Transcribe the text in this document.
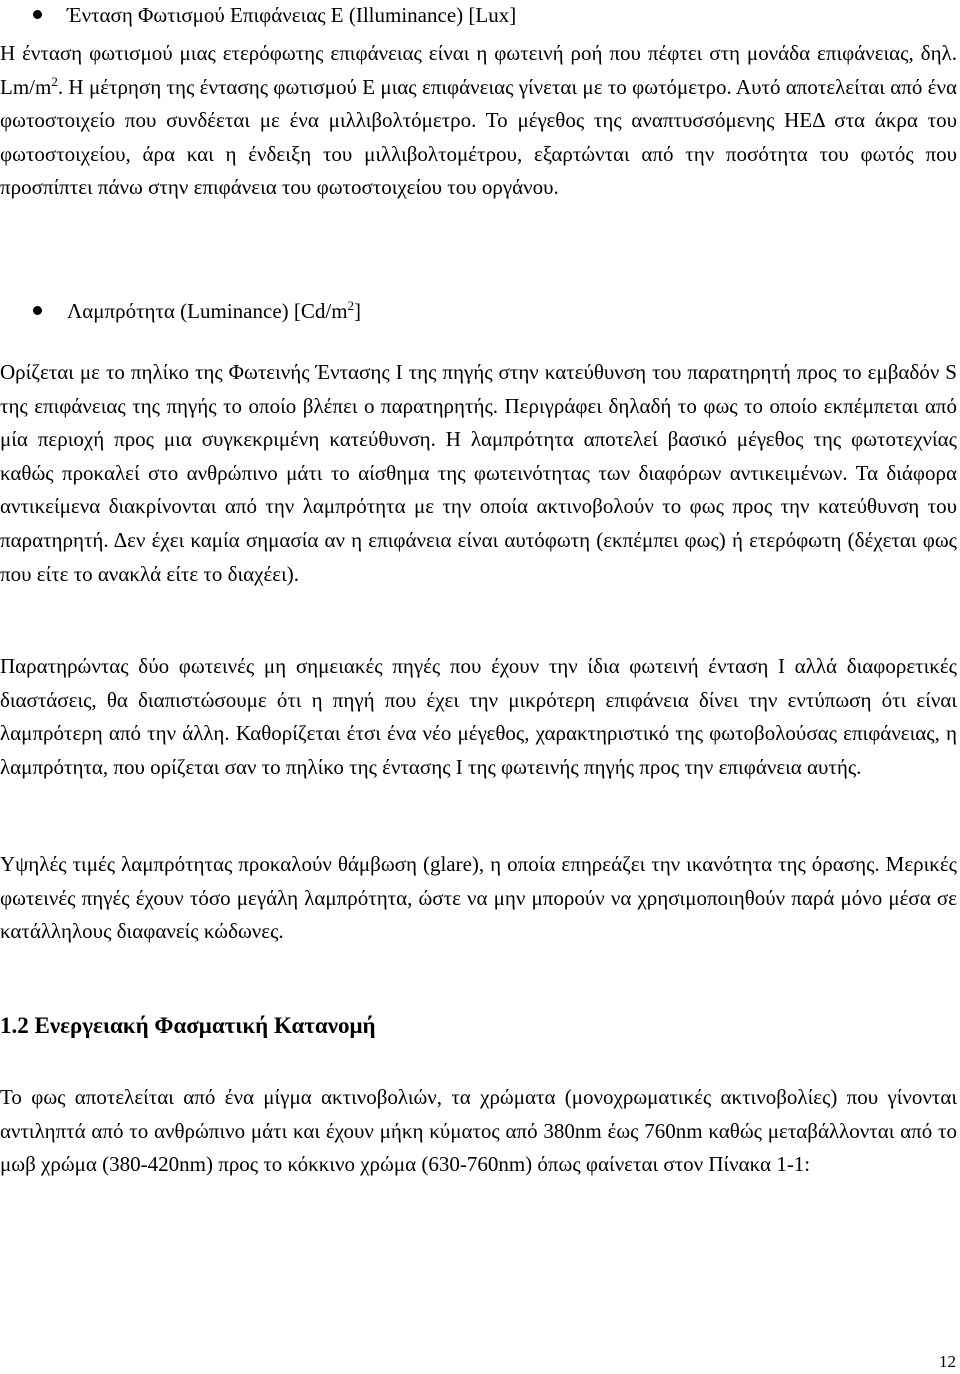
Ένταση Φωτισμού Επιφάνειας Ε (Illuminance) [Lux]

Η ένταση φωτισμού μιας ετερόφωτης επιφάνειας είναι η φωτεινή ροή που πέφτει στη μονάδα επιφάνειας, δηλ. $Lm/m^2$. Η μέτρηση της έντασης φωτισμού Ε μιας επιφάνειας γίνεται με το φωτόμετρο. Αυτό αποτελείται από ένα φωτοστοιχείο που συνδέεται με ένα μιλλιβολτόμετρο. Το μέγεθος της αναπτυσσόμενης ΗΕΔ στα άκρα του φωτοστοιχείου, άρα και η ένδειξη του μιλλιβολτομέτρου, εξαρτώνται από την ποσότητα του φωτός που προσπίπτει πάνω στην επιφάνεια του φωτοστοιχείου του οργάνου.

Λαμπρότητα (Luminance) $[Cd/m^2]$

Ορίζεται με το πηλίκο της Φωτεινής Έντασης Ι της πηγής στην κατεύθυνση του παρατηρητή προς το εμβαδόν S της επιφάνειας της πηγής το οποίο βλέπει ο παρατηρητής. Περιγράφει δηλαδή το φως το οποίο εκπέμπεται από μία περιοχή προς μια συγκεκριμένη κατεύθυνση. Η λαμπρότητα αποτελεί βασικό μέγεθος της φωτοτεχνίας καθώς προκαλεί στο ανθρώπινο μάτι το αίσθημα της φωτεινότητας των διαφόρων αντικειμένων. Τα διάφορα αντικείμενα διακρίνονται από την λαμπρότητα με την οποία ακτινοβολούν το φως προς την κατεύθυνση του παρατηρητή. Δεν έχει καμία σημασία αν η επιφάνεια είναι αυτόφωτη (εκπέμπει φως) ή ετερόφωτη (δέχεται φως που είτε το ανακλά είτε το διαχέει).

Παρατηρώντας δύο φωτεινές μη σημειακές πηγές που έχουν την ίδια φωτεινή ένταση Ι αλλά διαφορετικές διαστάσεις, θα διαπιστώσουμε ότι η πηγή που έχει την μικρότερη επιφάνεια δίνει την εντύπωση ότι είναι λαμπρότερη από την άλλη. Καθορίζεται έτσι ένα νέο μέγεθος, χαρακτηριστικό της φωτοβολούσας επιφάνειας, η λαμπρότητα, που ορίζεται σαν το πηλίκο της έντασης Ι της φωτεινής πηγής προς την επιφάνεια αυτής.

Υψηλές τιμές λαμπρότητας προκαλούν θάμβωση (glare), η οποία επηρεάζει την ικανότητα της όρασης. Μερικές φωτεινές πηγές έχουν τόσο μεγάλη λαμπρότητα, ώστε να μην μπορούν να χρησιμοποιηθούν παρά μόνο μέσα σε κατάλληλους διαφανείς κώδωνες.

1.2 Ενεργειακή Φασματική Κατανομή

Το φως αποτελείται από ένα μίγμα ακτινοβολιών, τα χρώματα (μονοχρωματικές ακτινοβολίες) που γίνονται αντιληπτά από το ανθρώπινο μάτι και έχουν μήκη κύματος από 380nm έως 760nm καθώς μεταβάλλονται από το μωβ χρώμα (380-420nm) προς το κόκκινο χρώμα (630-760nm) όπως φαίνεται στον Πίνακα 1-1:

12
